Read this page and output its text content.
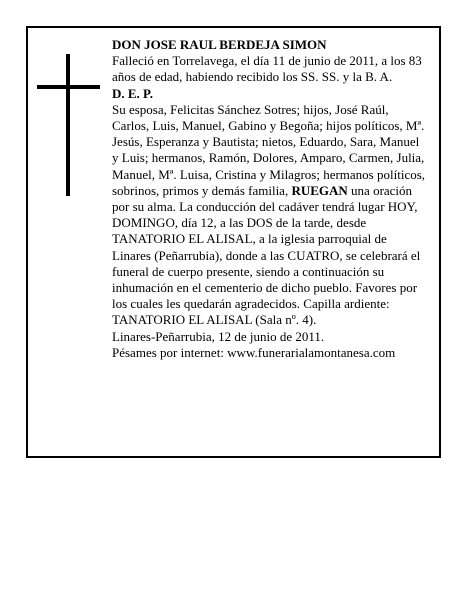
DON JOSE RAUL BERDEJA SIMON

Falleció en Torrelavega, el día 11 de junio de 2011, a los 83 años de edad, habiendo recibido los SS. SS. y la B. A.

D. E. P.

Su esposa, Felicitas Sánchez Sotres; hijos, José Raúl, Carlos, Luis, Manuel, Gabino y Begoña; hijos políticos, Mª. Jesús, Esperanza y Bautista; nietos, Eduardo, Sara, Manuel y Luis; hermanos, Ramón, Dolores, Amparo, Carmen, Julia, Manuel, Mª. Luisa, Cristina y Milagros; hermanos políticos, sobrinos, primos y demás familia, RUEGAN una oración por su alma. La conducción del cadáver tendrá lugar HOY, DOMINGO, día 12, a las DOS de la tarde, desde TANATORIO EL ALISAL, a la iglesia parroquial de Linares (Peñarrubia), donde a las CUATRO, se celebrará el funeral de cuerpo presente, siendo a continuación su inhumación en el cementerio de dicho pueblo. Favores por los cuales les quedarán agradecidos. Capilla ardiente: TANATORIO EL ALISAL (Sala nº. 4).

Linares-Peñarrubia, 12 de junio de 2011.

Pésames por internet: www.funerarialamontanesa.com
